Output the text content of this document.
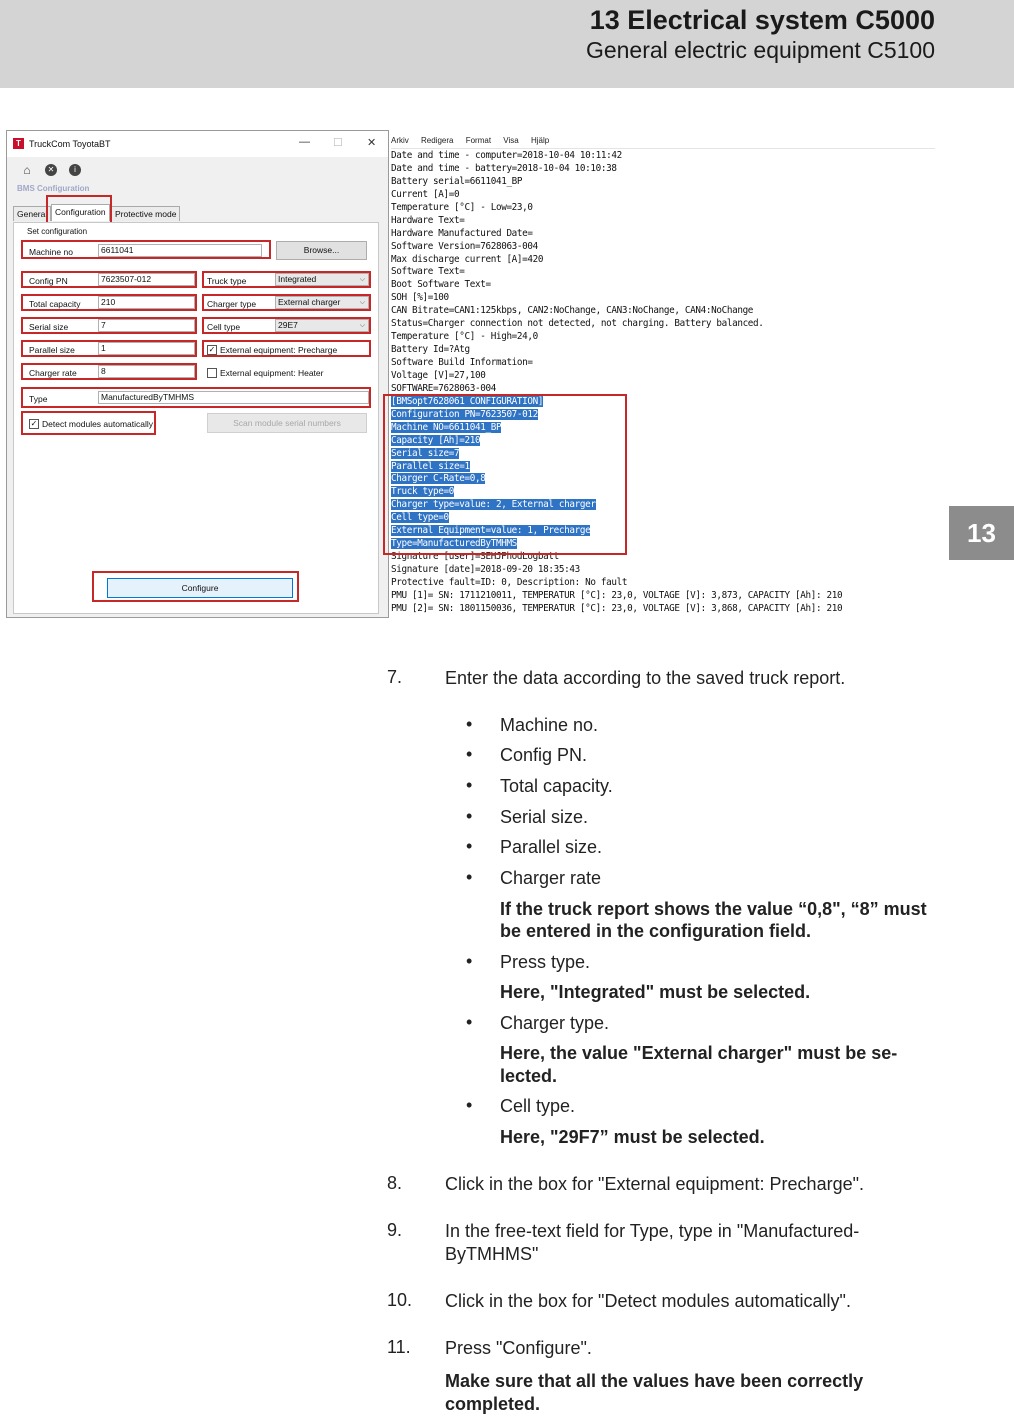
13 Electrical system C5000
General electric equipment C5100
13
T TruckCom ToyotaBT	— ☐ ✕
⌂	✕	i
BMS Configuration
General Configuration	Protective mode
Set configuration
Machine no	6611041	Browse...
Config PN	7623507-012
Total capacity	210
Serial size	7
Parallel size	1
Charger rate	8
Truck type	Integrated	⌵
Charger type	External charger	⌵
Cell type	29E7	⌵
✓ External equipment: Precharge
External equipment: Heater
Type	ManufacturedByTMHMS
✓ Detect modules automatically	Scan module serial numbers
Configure
Arkiv Redigera Format Visa Hjälp
Date and time - computer=2018-10-04 10:11:42
Date and time - battery=2018-10-04 10:10:38
Battery serial=6611041_BP
Current [A]=0
Temperature [°C] - Low=23,0
Hardware Text=
Hardware Manufactured Date=
Software Version=7628063-004
Max discharge current [A]=420
Software Text=
Boot Software Text=
SOH [%]=100
CAN Bitrate=CAN1:125kbps, CAN2:NoChange, CAN3:NoChange, CAN4:NoChange
Status=Charger connection not detected, not charging. Battery balanced.
Temperature [°C] - High=24,0
Battery Id=?Atg
Software Build Information=
Voltage [V]=27,100
SOFTWARE=7628063-004
[BMSopt7628061 CONFIGURATION]
Configuration PN=7623507-012
Machine NO=6611041_BP
Capacity [Ah]=210
Serial size=7
Parallel size=1
Charger C-Rate=0,8
Truck type=0
Charger type=value: 2, External charger
Cell type=0
External Equipment=value: 1, Precharge
Type=ManufacturedByTMHMS
Signature [user]=SEHJPhodLogbatt
Signature [date]=2018-09-20 18:35:43
Protective fault=ID: 0, Description: No fault
PMU [1]= SN: 1711210011, TEMPERATUR [°C]: 23,0, VOLTAGE [V]: 3,873, CAPACITY [Ah]: 210
PMU [2]= SN: 1801150036, TEMPERATUR [°C]: 23,0, VOLTAGE [V]: 3,868, CAPACITY [Ah]: 210
7. Enter the data according to the saved truck report.
• Machine no.
• Config PN.
• Total capacity.
• Serial size.
• Parallel size.
• Charger rate
If the truck report shows the value “0,8", “8” must be entered in the configuration field.
• Press type.
Here, "Integrated" must be selected.
• Charger type.
Here, the value "External charger" must be se-
lected.
• Cell type.
Here, "29F7” must be selected.
8. Click in the box for "External equipment: Precharge".
9. In the free-text field for Type, type in "Manufactured-
ByTMHMS"
10. Click in the box for "Detect modules automatically".
11. Press "Configure".
Make sure that all the values have been correctly completed.
